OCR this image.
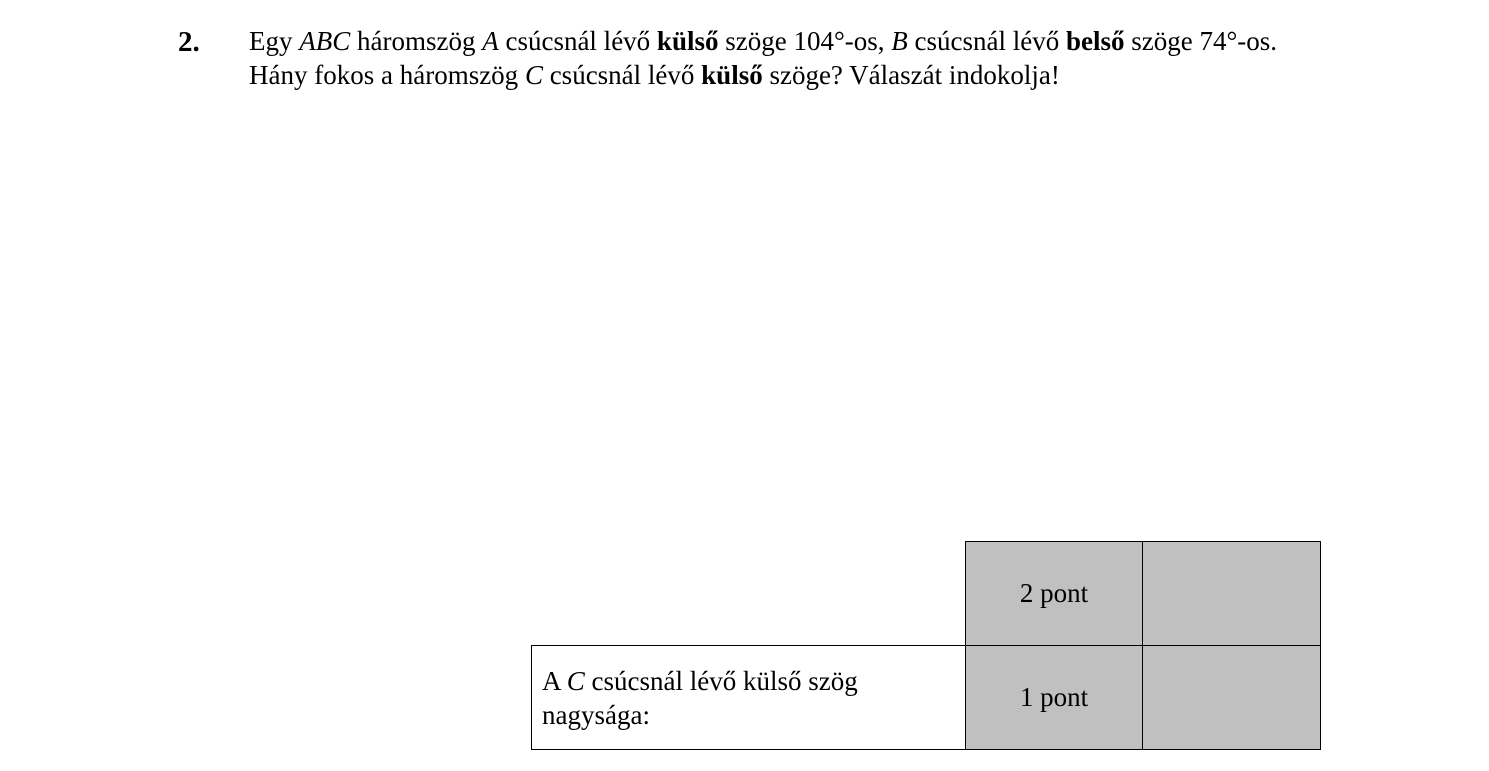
2. Egy ABC háromszög A csúcsnál lévő külső szöge 104°-os, B csúcsnál lévő belső szöge 74°-os.

Hány fokos a háromszög C csúcsnál lévő külső szöge? Válaszát indokolja!

	2 pont	
A C csúcsnál lévő külső szög nagysága:	1 pont	
